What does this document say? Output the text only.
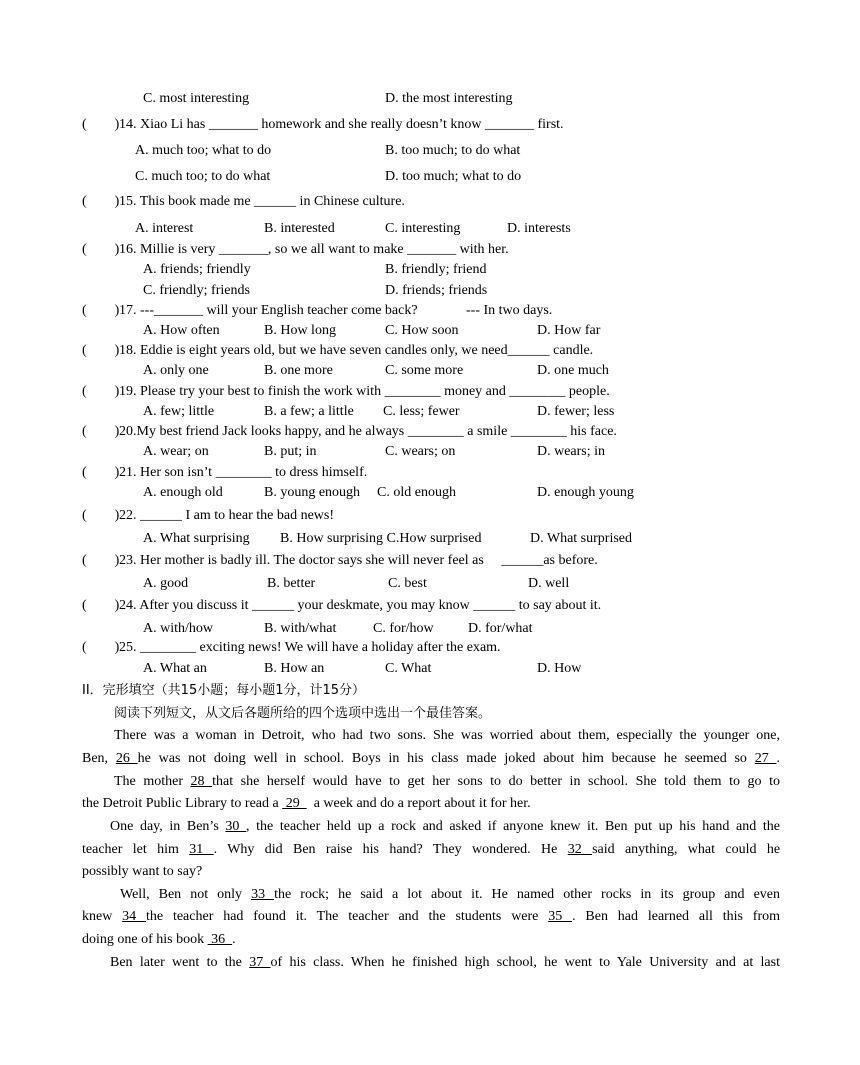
C. most interesting	D. the most interesting
(        ) 14. Xiao Li has _______ homework and she really doesn’t know _______ first.
A. much too; what to do	B. too much; to do what
C. much too; to do what	D. too much; what to do
(        ) 15. This book made me ______ in Chinese culture.
A. interest	B. interested	C. interesting	D. interests
(        ) 16. Millie is very _______, so we all want to make _______ with her.
A. friends; friendly	B. friendly; friend
C. friendly; friends	D. friends; friends
(        ) 17. ---_______ will your English teacher come back?	--- In two days.
A. How often	B. How long	C. How soon	D. How far
(        ) 18. Eddie is eight years old, but we have seven candles only, we need______ candle.
A. only one	B. one more	C. some more	D. one much
(        ) 19. Please try your best to finish the work with ________ money and ________ people.
A. few; little	B. a few; a little C. less; fewer	D. fewer; less
(        ) 20.My best friend Jack looks happy, and he always ________ a smile ________ his face.
A. wear; on	B. put; in	C. wears; on	D. wears; in
(        ) 21. Her son isn’t ________ to dress himself.
A. enough old	B. young enough C. old enough	D. enough young
(        ) 22. ______ I am to hear the bad news!
A. What surprising B. How surprising C.How surprised	D. What surprised
(        ) 23. Her mother is badly ill. The doctor says she will never feel as     ______as before.
A. good	B. better	C. best	D. well
(        ) 24. After you discuss it ______ your deskmate, you may know ______ to say about it.
A. with/how	B. with/what	C. for/how D. for/what
(        ) 25. ________ exciting news! We will have a holiday after the exam.
A. What an	B. How an	C. What	D. How
II．完形填空（共15小题；每小题1分，计15分）
阅读下列短文，从文后各题所给的四个选项中选出一个最佳答案。
There was a woman in Detroit, who had two sons. She was worried about them, especially the younger one,
Ben, 26 he was not doing well in school. Boys in his class made joked about him because he seemed so 27 .
The mother 28 that she herself would have to get her sons to do better in school. She told them to go to
the Detroit Public Library to read a  29    a week and do a report about it for her.
One day, in Ben’s 30 , the teacher held up a rock and asked if anyone knew it. Ben put up his hand and the
teacher let him 31 . Why did Ben raise his hand? They wondered. He 32 said anything, what could he
possibly want to say?
Well, Ben not only 33 the rock; he said a lot about it. He named other rocks in its group and even
knew 34 the teacher had found it. The teacher and the students were 35 . Ben had learned all this from
doing one of his book  36  .
Ben later went to the 37 of his class. When he finished high school, he went to Yale University and at last
